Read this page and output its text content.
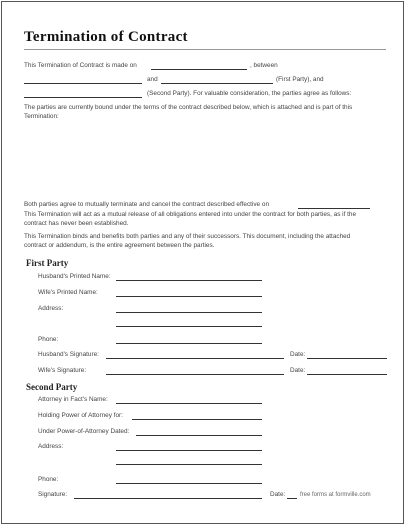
Termination of Contract
This Termination of Contract is made on	, between
and	(First Party), and
(Second Party). For valuable consideration, the parties agree as follows:
The parties are currently bound under the terms of the contract described below, which is attached and is part of this
Termination:
Both parties agree to mutually terminate and cancel the contract described effective on
This Termination will act as a mutual release of all obligations entered into under the contract for both parties, as if the
contract has never been established.
This Termination binds and benefits both parties and any of their successors. This document, including the attached
contract or addendum, is the entire agreement between the parties.
First Party
Husband's Printed Name:
Wife's Printed Name:
Address:
Phone:
Husband's Signature:	Date:
Wife's Signature:	Date:
Second Party
Attorney in Fact's Name:
Holding Power of Attorney for:
Under Power-of-Attorney Dated:
Address:
Phone:
Signature:	Date: free forms at formville.com
